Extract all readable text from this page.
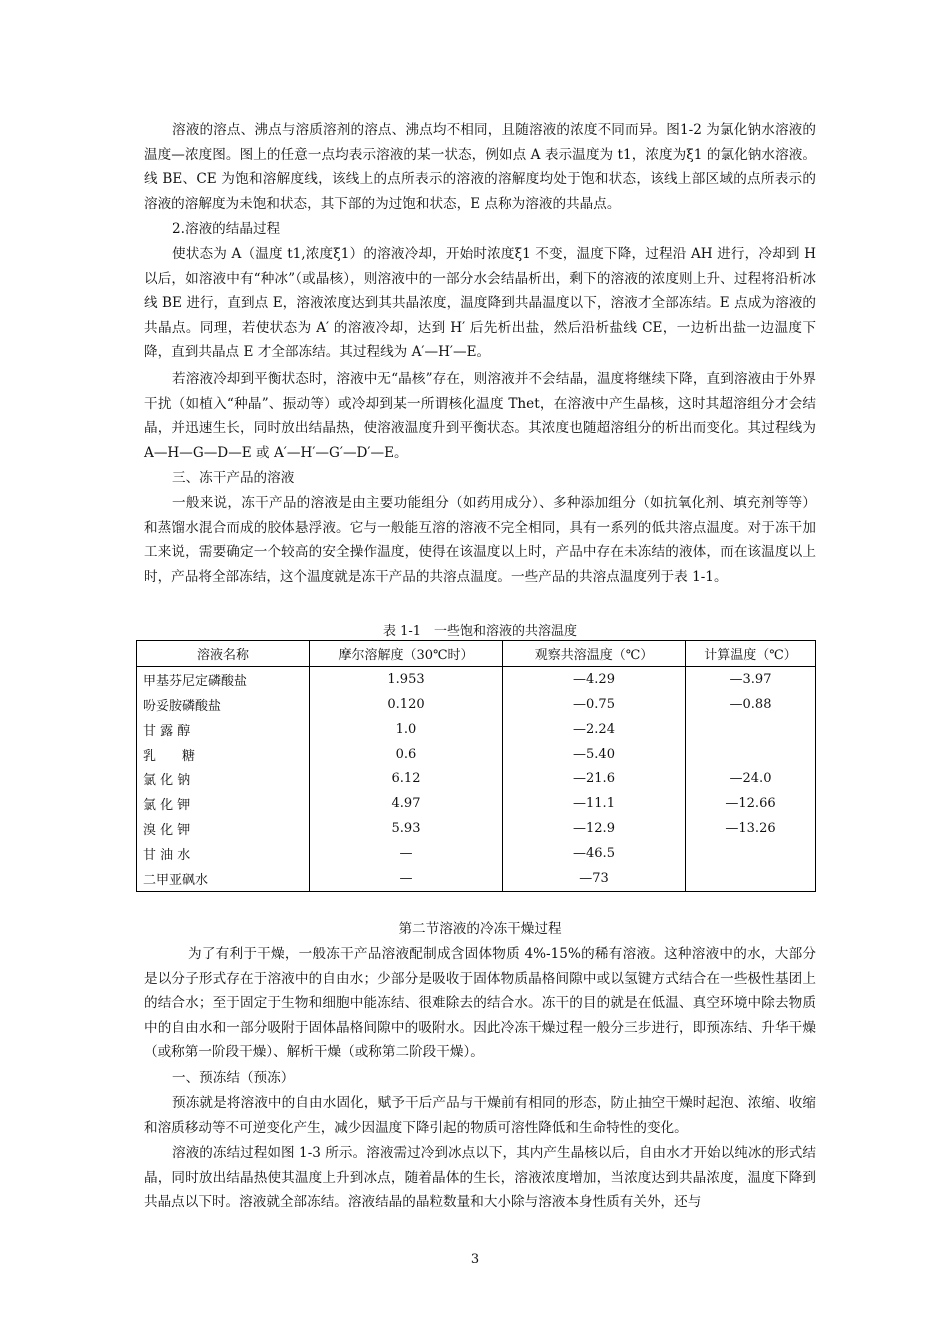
溶液的溶点、沸点与溶质溶剂的溶点、沸点均不相同，且随溶液的浓度不同而异。图1-2 为氯化钠水溶液的温度—浓度图。图上的任意一点均表示溶液的某一状态，例如点 A 表示温度为 t1，浓度为ξ1 的氯化钠水溶液。线 BE、CE 为饱和溶解度线，该线上的点所表示的溶液的溶解度均处于饱和状态，该线上部区域的点所表示的溶液的溶解度为未饱和状态，其下部的为过饱和状态，E 点称为溶液的共晶点。
2.溶液的结晶过程
使状态为 A（温度 t1,浓度ξ1）的溶液冷却，开始时浓度ξ1 不变，温度下降，过程沿 AH 进行，冷却到 H 以后，如溶液中有“种冰”（或晶核），则溶液中的一部分水会结晶析出，剩下的溶液的浓度则上升、过程将沿析冰线 BE 进行，直到点 E，溶液浓度达到其共晶浓度，温度降到共晶温度以下，溶液才全部冻结。E 点成为溶液的共晶点。同理，若使状态为 A′ 的溶液冷却，达到 H′ 后先析出盐，然后沿析盐线 CE，一边析出盐一边温度下降，直到共晶点 E 才全部冻结。其过程线为 A′—H′—E。
若溶液冷却到平衡状态时，溶液中无“晶核”存在，则溶液并不会结晶，温度将继续下降，直到溶液由于外界干扰（如植入“种晶”、振动等）或冷却到某一所谓核化温度 Thet，在溶液中产生晶核，这时其超溶组分才会结晶，并迅速生长，同时放出结晶热，使溶液温度升到平衡状态。其浓度也随超溶组分的析出而变化。其过程线为 A—H—G—D—E 或 A′—H′—G′—D′—E。
三、冻干产品的溶液
一般来说，冻干产品的溶液是由主要功能组分（如药用成分）、多种添加组分（如抗氧化剂、填充剂等等）和蒸馏水混合而成的胶体悬浮液。它与一般能互溶的溶液不完全相同，具有一系列的低共溶点温度。对于冻干加工来说，需要确定一个较高的安全操作温度，使得在该温度以上时，产品中存在未冻结的液体，而在该温度以上时，产品将全部冻结，这个温度就是冻干产品的共溶点温度。一些产品的共溶点温度列于表 1-1。
表 1-1　一些饱和溶液的共溶温度
溶液名称	摩尔溶解度（30℃时）	观察共溶温度（℃）	计算温度（℃）
甲基芬尼定磷酸盐	1.953	—4.29	—3.97
吩妥胺磷酸盐	0.120	—0.75	—0.88
甘 露 醇	1.0	—2.24	
乳　　糖	0.6	—5.40	
氯 化 钠	6.12	—21.6	—24.0
氯 化 钾	4.97	—11.1	—12.66
溴 化 钾	5.93	—12.9	—13.26
甘 油 水	—	—46.5	
二甲亚砜水	—	—73	
第二节溶液的冷冻干燥过程
为了有利于干燥，一般冻干产品溶液配制成含固体物质 4%-15%的稀有溶液。这种溶液中的水，大部分是以分子形式存在于溶液中的自由水；少部分是吸收于固体物质晶格间隙中或以氢键方式结合在一些极性基团上的结合水；至于固定于生物和细胞中能冻结、很难除去的结合水。冻干的目的就是在低温、真空环境中除去物质中的自由水和一部分吸附于固体晶格间隙中的吸附水。因此冷冻干燥过程一般分三步进行，即预冻结、升华干燥（或称第一阶段干燥）、解析干燥（或称第二阶段干燥）。
一、预冻结（预冻）
预冻就是将溶液中的自由水固化，赋予干后产品与干燥前有相同的形态，防止抽空干燥时起泡、浓缩、收缩和溶质移动等不可逆变化产生，减少因温度下降引起的物质可溶性降低和生命特性的变化。
溶液的冻结过程如图 1-3 所示。溶液需过冷到冰点以下，其内产生晶核以后，自由水才开始以纯冰的形式结晶，同时放出结晶热使其温度上升到冰点，随着晶体的生长，溶液浓度增加，当浓度达到共晶浓度，温度下降到共晶点以下时。溶液就全部冻结。溶液结晶的晶粒数量和大小除与溶液本身性质有关外，还与
3
